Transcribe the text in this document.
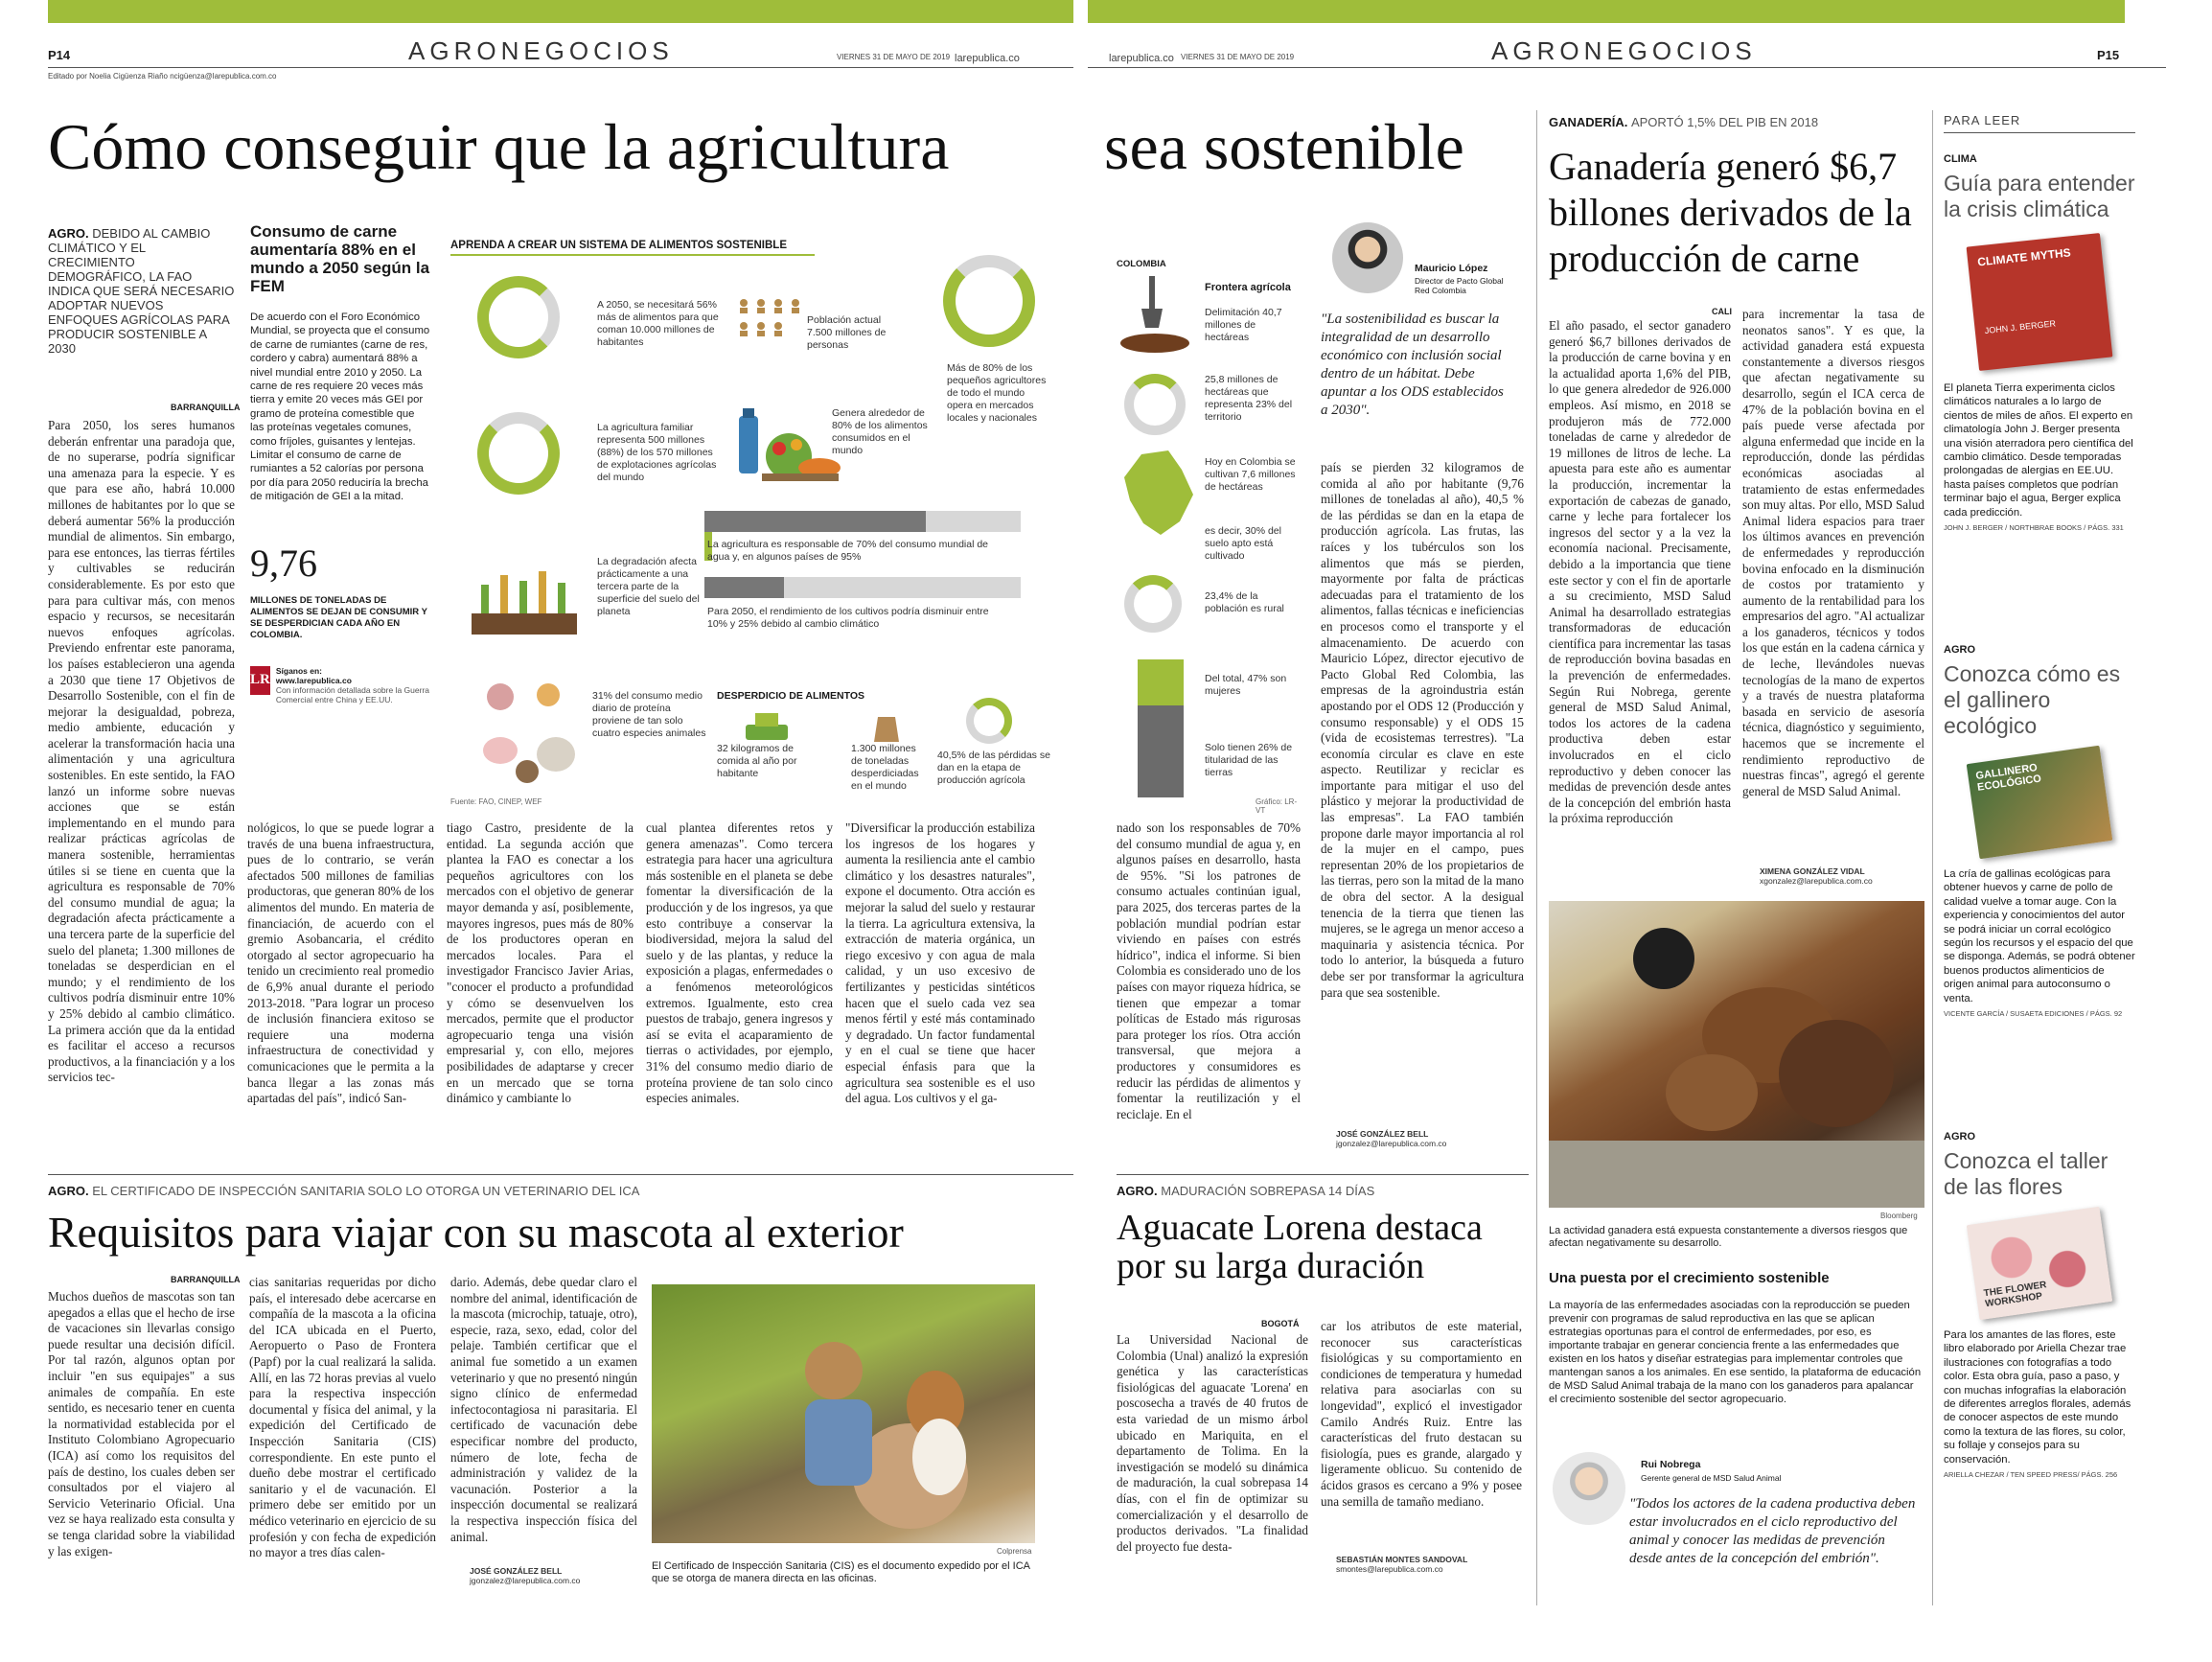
P14	AGRONEGOCIOS	VIERNES 31 DE MAYO DE 2019 larepublica.co
Editado por Noelia Cigüenza Riaño ncigüenza@larepublica.com.co
larepublica.co VIERNES 31 DE MAYO DE 2019	AGRONEGOCIOS	P15
Cómo conseguir que la agricultura sea sostenible
AGRO. DEBIDO AL CAMBIO CLIMÁTICO Y EL CRECIMIENTO DEMOGRÁFICO, LA FAO INDICA QUE SERÁ NECESARIO ADOPTAR NUEVOS ENFOQUES AGRÍCOLAS PARA PRODUCIR SOSTENIBLE A 2030
BARRANQUILLA
Para 2050, los seres humanos deberán enfrentar una paradoja que, de no superarse, podría significar una amenaza para la especie. Y es que para ese año, habrá 10.000 millones de habitantes por lo que se deberá aumentar 56% la producción mundial de alimentos. Sin embargo, para ese entonces, las tierras fértiles y cultivables se reducirán considerablemente. Es por esto que para para cultivar más, con menos espacio y recursos, se necesitarán nuevos enfoques agrícolas. Previendo enfrentar este panorama, los países establecieron una agenda a 2030 que tiene 17 Objetivos de Desarrollo Sostenible, con el fin de mejorar la desigualdad, pobreza, medio ambiente, educación y acelerar la transformación hacia una alimentación y una agricultura sostenibles. En este sentido, la FAO lanzó un informe sobre nuevas acciones que se están implementando en el mundo para realizar prácticas agrícolas de manera sostenible, herramientas útiles si se tiene en cuenta que la agricultura es responsable de 70% del consumo mundial de agua; la degradación afecta prácticamente a una tercera parte de la superficie del suelo del planeta; 1.300 millones de toneladas se desperdician en el mundo; y el rendimiento de los cultivos podría disminuir entre 10% y 25% debido al cambio climático. La primera acción que da la entidad es facilitar el acceso a recursos productivos, a la financiación y a los servicios tec-
Consumo de carne aumentaría 88% en el mundo a 2050 según la FEM
De acuerdo con el Foro Económico Mundial, se proyecta que el consumo de carne de rumiantes (carne de res, cordero y cabra) aumentará 88% a nivel mundial entre 2010 y 2050. La carne de res requiere 20 veces más tierra y emite 20 veces más GEI por gramo de proteína comestible que las proteínas vegetales comunes, como fríjoles, guisantes y lentejas. Limitar el consumo de carne de rumiantes a 52 calorías por persona por día para 2050 reduciría la brecha de mitigación de GEI a la mitad.
9,76
MILLONES DE TONELADAS DE ALIMENTOS SE DEJAN DE CONSUMIR Y SE DESPERDICIAN CADA AÑO EN COLOMBIA.
LR
Síganos en:
www.larepublica.co
Con información detallada sobre la Guerra Comercial entre China y EE.UU.
APRENDA A CREAR UN SISTEMA DE ALIMENTOS SOSTENIBLE
A 2050, se necesitará 56% más de alimentos para que coman 10.000 millones de habitantes
Población actual 7.500 millones de personas
Más de 80% de los pequeños agricultores de todo el mundo opera en mercados locales y nacionales
La agricultura familiar representa 500 millones (88%) de los 570 millones de explotaciones agrícolas del mundo
Genera alrededor de 80% de los alimentos consumidos en el mundo
La agricultura es responsable de 70% del consumo mundial de agua y, en algunos países de 95%
La degradación afecta prácticamente a una tercera parte de la superficie del suelo del planeta	Para 2050, el rendimiento de los cultivos podría disminuir entre 10% y 25% debido al cambio climático
31% del consumo medio diario de proteína proviene de tan solo cuatro especies animales
DESPERDICIO DE ALIMENTOS
32 kilogramos de comida al año por habitante
1.300 millones de toneladas desperdiciadas en el mundo
40,5% de las pérdidas se dan en la etapa de producción agrícola
Fuente: FAO, CINEP, WEF
COLOMBIA
Frontera agrícola
Delimitación 40,7 millones de hectáreas
25,8 millones de hectáreas que representa 23% del territorio
Hoy en Colombia se cultivan 7,6 millones de hectáreas
es decir, 30% del suelo apto está cultivado
23,4% de la población es rural
Del total, 47% son mujeres
Solo tienen 26% de titularidad de las tierras
Gráfico: LR-VT
Mauricio López
Director de Pacto Global Red Colombia
"La sostenibilidad es buscar la integralidad de un desarrollo económico con inclusión social dentro de un hábitat. Debe apuntar a los ODS establecidos a 2030".
nológicos, lo que se puede lograr a través de una buena infraestructura, pues de lo contrario, se verán afectados 500 millones de familias productoras, que generan 80% de los alimentos del mundo. En materia de financiación, de acuerdo con el gremio Asobancaria, el crédito otorgado al sector agropecuario ha tenido un crecimiento real promedio de 6,9% anual durante el periodo 2013-2018. "Para lograr un proceso de inclusión financiera exitoso se requiere una moderna infraestructura de conectividad y comunicaciones que le permita a la banca llegar a las zonas más apartadas del país", indicó San-
tiago Castro, presidente de la entidad. La segunda acción que plantea la FAO es conectar a los pequeños agricultores con los mercados con el objetivo de generar mayor demanda y así, posiblemente, mayores ingresos, pues más de 80% de los productores operan en mercados locales. Para el investigador Francisco Javier Arias, "conocer el producto a profundidad y cómo se desenvuelven los mercados, permite que el productor agropecuario tenga una visión empresarial y, con ello, mejores posibilidades de adaptarse y crecer en un mercado que se torna dinámico y cambiante lo
cual plantea diferentes retos y genera amenazas". Como tercera estrategia para hacer una agricultura más sostenible en el planeta se debe fomentar la diversificación de la producción y de los ingresos, ya que esto contribuye a conservar la biodiversidad, mejora la salud del suelo y de las plantas, y reduce la exposición a plagas, enfermedades o a fenómenos meteorológicos extremos. Igualmente, esto crea puestos de trabajo, genera ingresos y así se evita el acaparamiento de tierras o actividades, por ejemplo, 31% del consumo medio diario de proteína proviene de tan solo cinco especies animales.
"Diversificar la producción estabiliza los ingresos de los hogares y aumenta la resiliencia ante el cambio climático y los desastres naturales", expone el documento. Otra acción es mejorar la salud del suelo y restaurar la tierra. La agricultura extensiva, la extracción de materia orgánica, un riego excesivo y con agua de mala calidad, y un uso excesivo de fertilizantes y pesticidas sintéticos hacen que el suelo cada vez sea menos fértil y esté más contaminado y degradado. Un factor fundamental y en el cual se tiene que hacer especial énfasis para que la agricultura sea sostenible es el uso del agua. Los cultivos y el ga-
nado son los responsables de 70% del consumo mundial de agua y, en algunos países en desarrollo, hasta de 95%. "Si los patrones de consumo actuales continúan igual, para 2025, dos terceras partes de la población mundial podrían estar viviendo en países con estrés hídrico", indica el informe. Si bien Colombia es considerado uno de los países con mayor riqueza hídrica, se tienen que empezar a tomar políticas de Estado más rigurosas para proteger los ríos. Otra acción transversal, que mejora a productores y consumidores es reducir las pérdidas de alimentos y fomentar la reutilización y el reciclaje. En el
país se pierden 32 kilogramos de comida al año por habitante (9,76 millones de toneladas al año), 40,5 % de las pérdidas se dan en la etapa de producción agrícola. Las frutas, las raíces y los tubérculos son los alimentos que más se pierden, mayormente por falta de prácticas adecuadas para el tratamiento de los alimentos, fallas técnicas e ineficiencias en procesos como el transporte y el almacenamiento. De acuerdo con Mauricio López, director ejecutivo de Pacto Global Red Colombia, las empresas de la agroindustria están apostando por el ODS 12 (Producción y consumo responsable) y el ODS 15 (vida de ecosistemas terrestres). "La economía circular es clave en este aspecto. Reutilizar y reciclar es importante para mitigar el uso del plástico y mejorar la productividad de las empresas". La FAO también propone darle mayor importancia al rol de la mujer en el campo, pues representan 20% de los propietarios de las tierras, pero son la mitad de la mano de obra del sector. A la desigual tenencia de la tierra que tienen las mujeres, se le agrega un menor acceso a maquinaria y asistencia técnica. Por todo lo anterior, la búsqueda a futuro debe ser por transformar la agricultura para que sea sostenible.
JOSÉ GONZÁLEZ BELL
jgonzalez@larepublica.com.co
AGRO. EL CERTIFICADO DE INSPECCIÓN SANITARIA SOLO LO OTORGA UN VETERINARIO DEL ICA
Requisitos para viajar con su mascota al exterior
BARRANQUILLA
Muchos dueños de mascotas son tan apegados a ellas que el hecho de irse de vacaciones sin llevarlas consigo puede resultar una decisión difícil. Por tal razón, algunos optan por incluir "en sus equipajes" a sus animales de compañía. En este sentido, es necesario tener en cuenta la normatividad establecida por el Instituto Colombiano Agropecuario (ICA) así como los requisitos del país de destino, los cuales deben ser consultados por el viajero al Servicio Veterinario Oficial. Una vez se haya realizado esta consulta y se tenga claridad sobre la viabilidad y las exigen-
cias sanitarias requeridas por dicho país, el interesado debe acercarse en compañía de la mascota a la oficina del ICA ubicada en el Puerto, Aeropuerto o Paso de Frontera (Papf) por la cual realizará la salida. Allí, en las 72 horas previas al vuelo para la respectiva inspección documental y física del animal, y la expedición del Certificado de Inspección Sanitaria (CIS) correspondiente. En este punto el dueño debe mostrar el certificado sanitario y el de vacunación. El primero debe ser emitido por un médico veterinario en ejercicio de su profesión y con fecha de expedición no mayor a tres días calen-
dario. Además, debe quedar claro el nombre del animal, identificación de la mascota (microchip, tatuaje, otro), especie, raza, sexo, edad, color del pelaje. También certificar que el animal fue sometido a un examen veterinario y que no presentó ningún signo clínico de enfermedad infectocontagiosa ni parasitaria. El certificado de vacunación debe especificar nombre del producto, número de lote, fecha de administración y validez de la vacunación. Posterior a la inspección documental se realizará la respectiva inspección física del animal.
JOSÉ GONZÁLEZ BELL
jgonzalez@larepublica.com.co
Colprensa
El Certificado de Inspección Sanitaria (CIS) es el documento expedido por el ICA que se otorga de manera directa en las oficinas.
AGRO. MADURACIÓN SOBREPASA 14 DÍAS
Aguacate Lorena destaca por su larga duración
BOGOTÁ
La Universidad Nacional de Colombia (Unal) analizó la expresión genética y las características fisiológicas del aguacate 'Lorena' en poscosecha a través de 40 frutos de esta variedad de un mismo árbol ubicado en Mariquita, en el departamento de Tolima. En la investigación se modeló su dinámica de maduración, la cual sobrepasa 14 días, con el fin de optimizar su comercialización y el desarrollo de productos derivados. "La finalidad del proyecto fue desta-
car los atributos de este material, reconocer sus características fisiológicas y su comportamiento en condiciones de temperatura y humedad relativa para asociarlas con su longevidad", explicó el investigador Camilo Andrés Ruiz. Entre las características del fruto destacan su fisiología, pues es grande, alargado y ligeramente oblicuo. Su contenido de ácidos grasos es cercano a 9% y posee una semilla de tamaño mediano.
SEBASTIÁN MONTES SANDOVAL
smontes@larepublica.com.co
GANADERÍA. APORTÓ 1,5% DEL PIB EN 2018
Ganadería generó $6,7 billones derivados de la producción de carne
CALI
El año pasado, el sector ganadero generó $6,7 billones derivados de la producción de carne bovina y en la actualidad aporta 1,6% del PIB, lo que genera alrededor de 926.000 empleos. Así mismo, en 2018 se produjeron más de 772.000 toneladas de carne y alrededor de 19 millones de litros de leche. La apuesta para este año es aumentar la producción, incrementar la exportación de cabezas de ganado, carne y leche para fortalecer los ingresos del sector y a la vez la economía nacional. Precisamente, debido a la importancia que tiene este sector y con el fin de aportarle a su crecimiento, MSD Salud Animal ha desarrollado estrategias transformadoras de educación científica para incrementar las tasas de reproducción bovina basadas en la prevención de enfermedades. Según Rui Nobrega, gerente general de MSD Salud Animal, todos los actores de la cadena productiva deben estar involucrados en el ciclo reproductivo y deben conocer las medidas de prevención desde antes de la concepción del embrión hasta la próxima reproducción
para incrementar la tasa de neonatos sanos". Y es que, la actividad ganadera está expuesta constantemente a diversos riesgos que afectan negativamente su desarrollo, según el ICA cerca de 47% de la población bovina en el país puede verse afectada por alguna enfermedad que incide en la reproducción, donde las pérdidas económicas asociadas al tratamiento de estas enfermedades son muy altas. Por ello, MSD Salud Animal lidera espacios para traer los últimos avances en prevención de enfermedades y reproducción bovina enfocado en la disminución de costos por tratamiento y aumento de la rentabilidad para los empresarios del agro. "Al actualizar a los ganaderos, técnicos y todos los que están en la cadena cárnica y de leche, llevándoles nuevas tecnologías de la mano de expertos y a través de nuestra plataforma basada en servicio de asesoría técnica, diagnóstico y seguimiento, hacemos que se incremente el rendimiento reproductivo de nuestras fincas", agregó el gerente general de MSD Salud Animal.
XIMENA GONZÁLEZ VIDAL
xgonzalez@larepublica.com.co
Bloomberg
La actividad ganadera está expuesta constantemente a diversos riesgos que afectan negativamente su desarrollo.
Una puesta por el crecimiento sostenible
La mayoría de las enfermedades asociadas con la reproducción se pueden prevenir con programas de salud reproductiva en las que se aplican estrategias oportunas para el control de enfermedades, por eso, es importante trabajar en generar conciencia frente a las enfermedades que existen en los hatos y diseñar estrategias para implementar controles que mantengan sanos a los animales. En ese sentido, la plataforma de educación de MSD Salud Animal trabaja de la mano con los ganaderos para apalancar el crecimiento sostenible del sector agropecuario.
Rui Nobrega
Gerente general de MSD Salud Animal
"Todos los actores de la cadena productiva deben estar involucrados en el ciclo reproductivo del animal y conocer las medidas de prevención desde antes de la concepción del embrión".
PARA LEER
CLIMA
Guía para entender la crisis climática
CLIMATE MYTHS
JOHN J. BERGER
El planeta Tierra experimenta ciclos climáticos naturales a lo largo de cientos de miles de años. El experto en climatología John J. Berger presenta una visión aterradora pero científica del cambio climático. Desde temporadas prolongadas de alergias en EE.UU. hasta países completos que podrían terminar bajo el agua, Berger explica cada predicción.
JOHN J. BERGER / NORTHBRAE BOOKS / PÁGS. 331
AGRO
Conozca cómo es el gallinero ecológico
GALLINERO ECOLÓGICO
La cría de gallinas ecológicas para obtener huevos y carne de pollo de calidad vuelve a tomar auge. Con la experiencia y conocimientos del autor se podrá iniciar un corral ecológico según los recursos y el espacio del que se disponga. Además, se podrá obtener buenos productos alimenticios de origen animal para autoconsumo o venta.
VICENTE GARCÍA / SUSAETA EDICIONES / PÁGS. 92
AGRO
Conozca el taller de las flores
THE FLOWER WORKSHOP
Para los amantes de las flores, este libro elaborado por Ariella Chezar trae ilustraciones con fotografías a todo color. Esta obra guía, paso a paso, y con muchas infografías la elaboración de diferentes arreglos florales, además de conocer aspectos de este mundo como la textura de las flores, su color, su follaje y consejos para su conservación.
ARIELLA CHEZAR / TEN SPEED PRESS/ PÁGS. 256
